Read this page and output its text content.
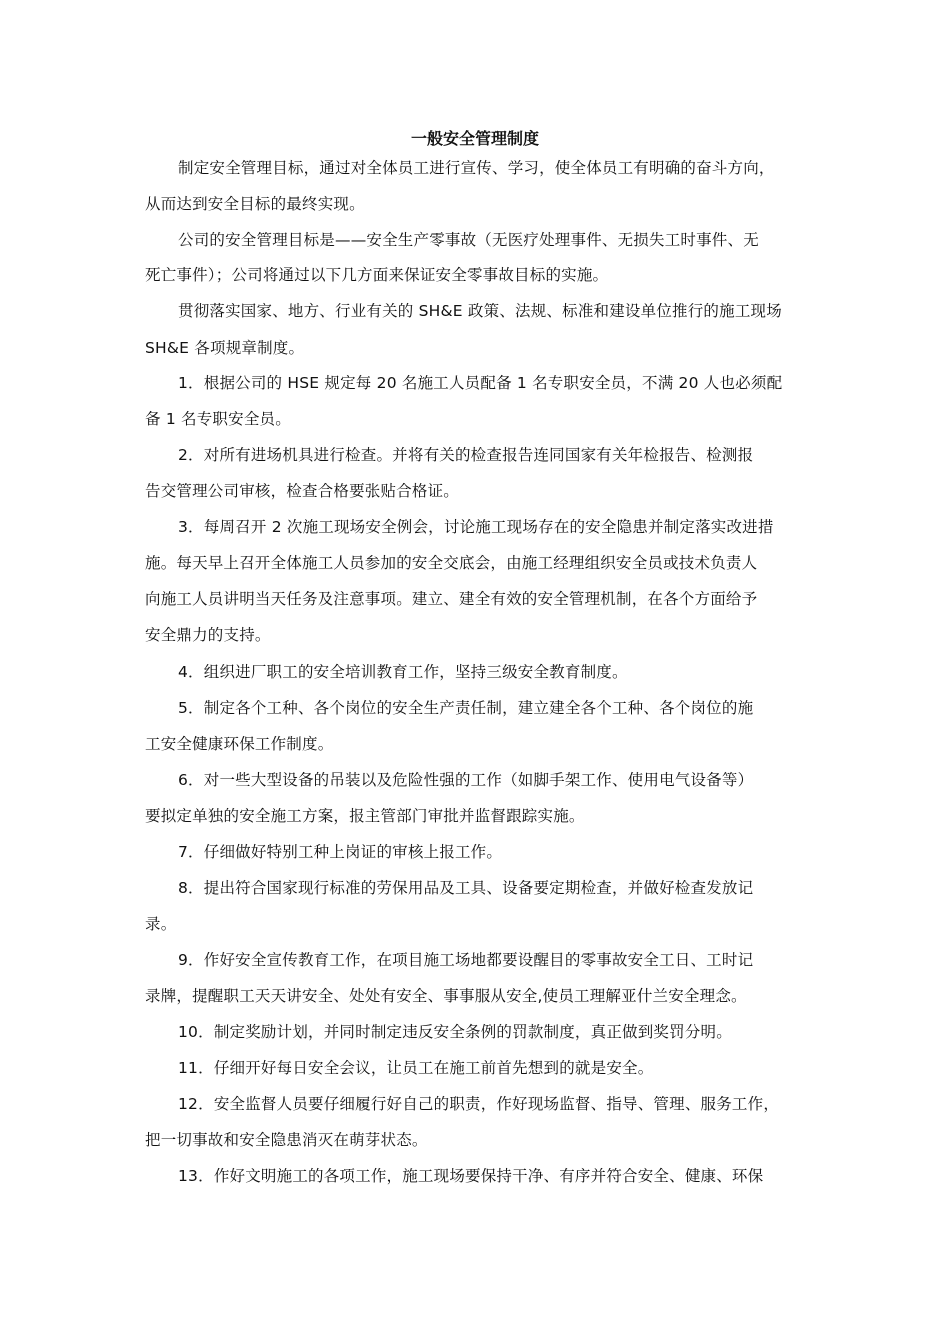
一般安全管理制度
制定安全管理目标，通过对全体员工进行宣传、学习，使全体员工有明确的奋斗方向，
从而达到安全目标的最终实现。
公司的安全管理目标是——安全生产零事故（无医疗处理事件、无损失工时事件、无
死亡事件）；公司将通过以下几方面来保证安全零事故目标的实施。
贯彻落实国家、地方、行业有关的 SH&E 政策、法规、标准和建设单位推行的施工现场
SH&E 各项规章制度。
1．根据公司的 HSE 规定每 20 名施工人员配备 1 名专职安全员，不满 20 人也必须配
备 1 名专职安全员。
2．对所有进场机具进行检查。并将有关的检查报告连同国家有关年检报告、检测报
告交管理公司审核，检查合格要张贴合格证。
3．每周召开 2 次施工现场安全例会，讨论施工现场存在的安全隐患并制定落实改进措
施。每天早上召开全体施工人员参加的安全交底会，由施工经理组织安全员或技术负责人
向施工人员讲明当天任务及注意事项。建立、建全有效的安全管理机制，在各个方面给予
安全鼎力的支持。
4．组织进厂职工的安全培训教育工作，坚持三级安全教育制度。
5．制定各个工种、各个岗位的安全生产责任制，建立建全各个工种、各个岗位的施
工安全健康环保工作制度。
6．对一些大型设备的吊装以及危险性强的工作（如脚手架工作、使用电气设备等）
要拟定单独的安全施工方案，报主管部门审批并监督跟踪实施。
7．仔细做好特别工种上岗证的审核上报工作。
8．提出符合国家现行标准的劳保用品及工具、设备要定期检查，并做好检查发放记
录。
9．作好安全宣传教育工作，在项目施工场地都要设醒目的零事故安全工日、工时记
录牌，提醒职工天天讲安全、处处有安全、事事服从安全,使员工理解亚什兰安全理念。
10．制定奖励计划，并同时制定违反安全条例的罚款制度，真正做到奖罚分明。
11．仔细开好每日安全会议，让员工在施工前首先想到的就是安全。
12．安全监督人员要仔细履行好自己的职责，作好现场监督、指导、管理、服务工作，
把一切事故和安全隐患消灭在萌芽状态。
13．作好文明施工的各项工作，施工现场要保持干净、有序并符合安全、健康、环保
